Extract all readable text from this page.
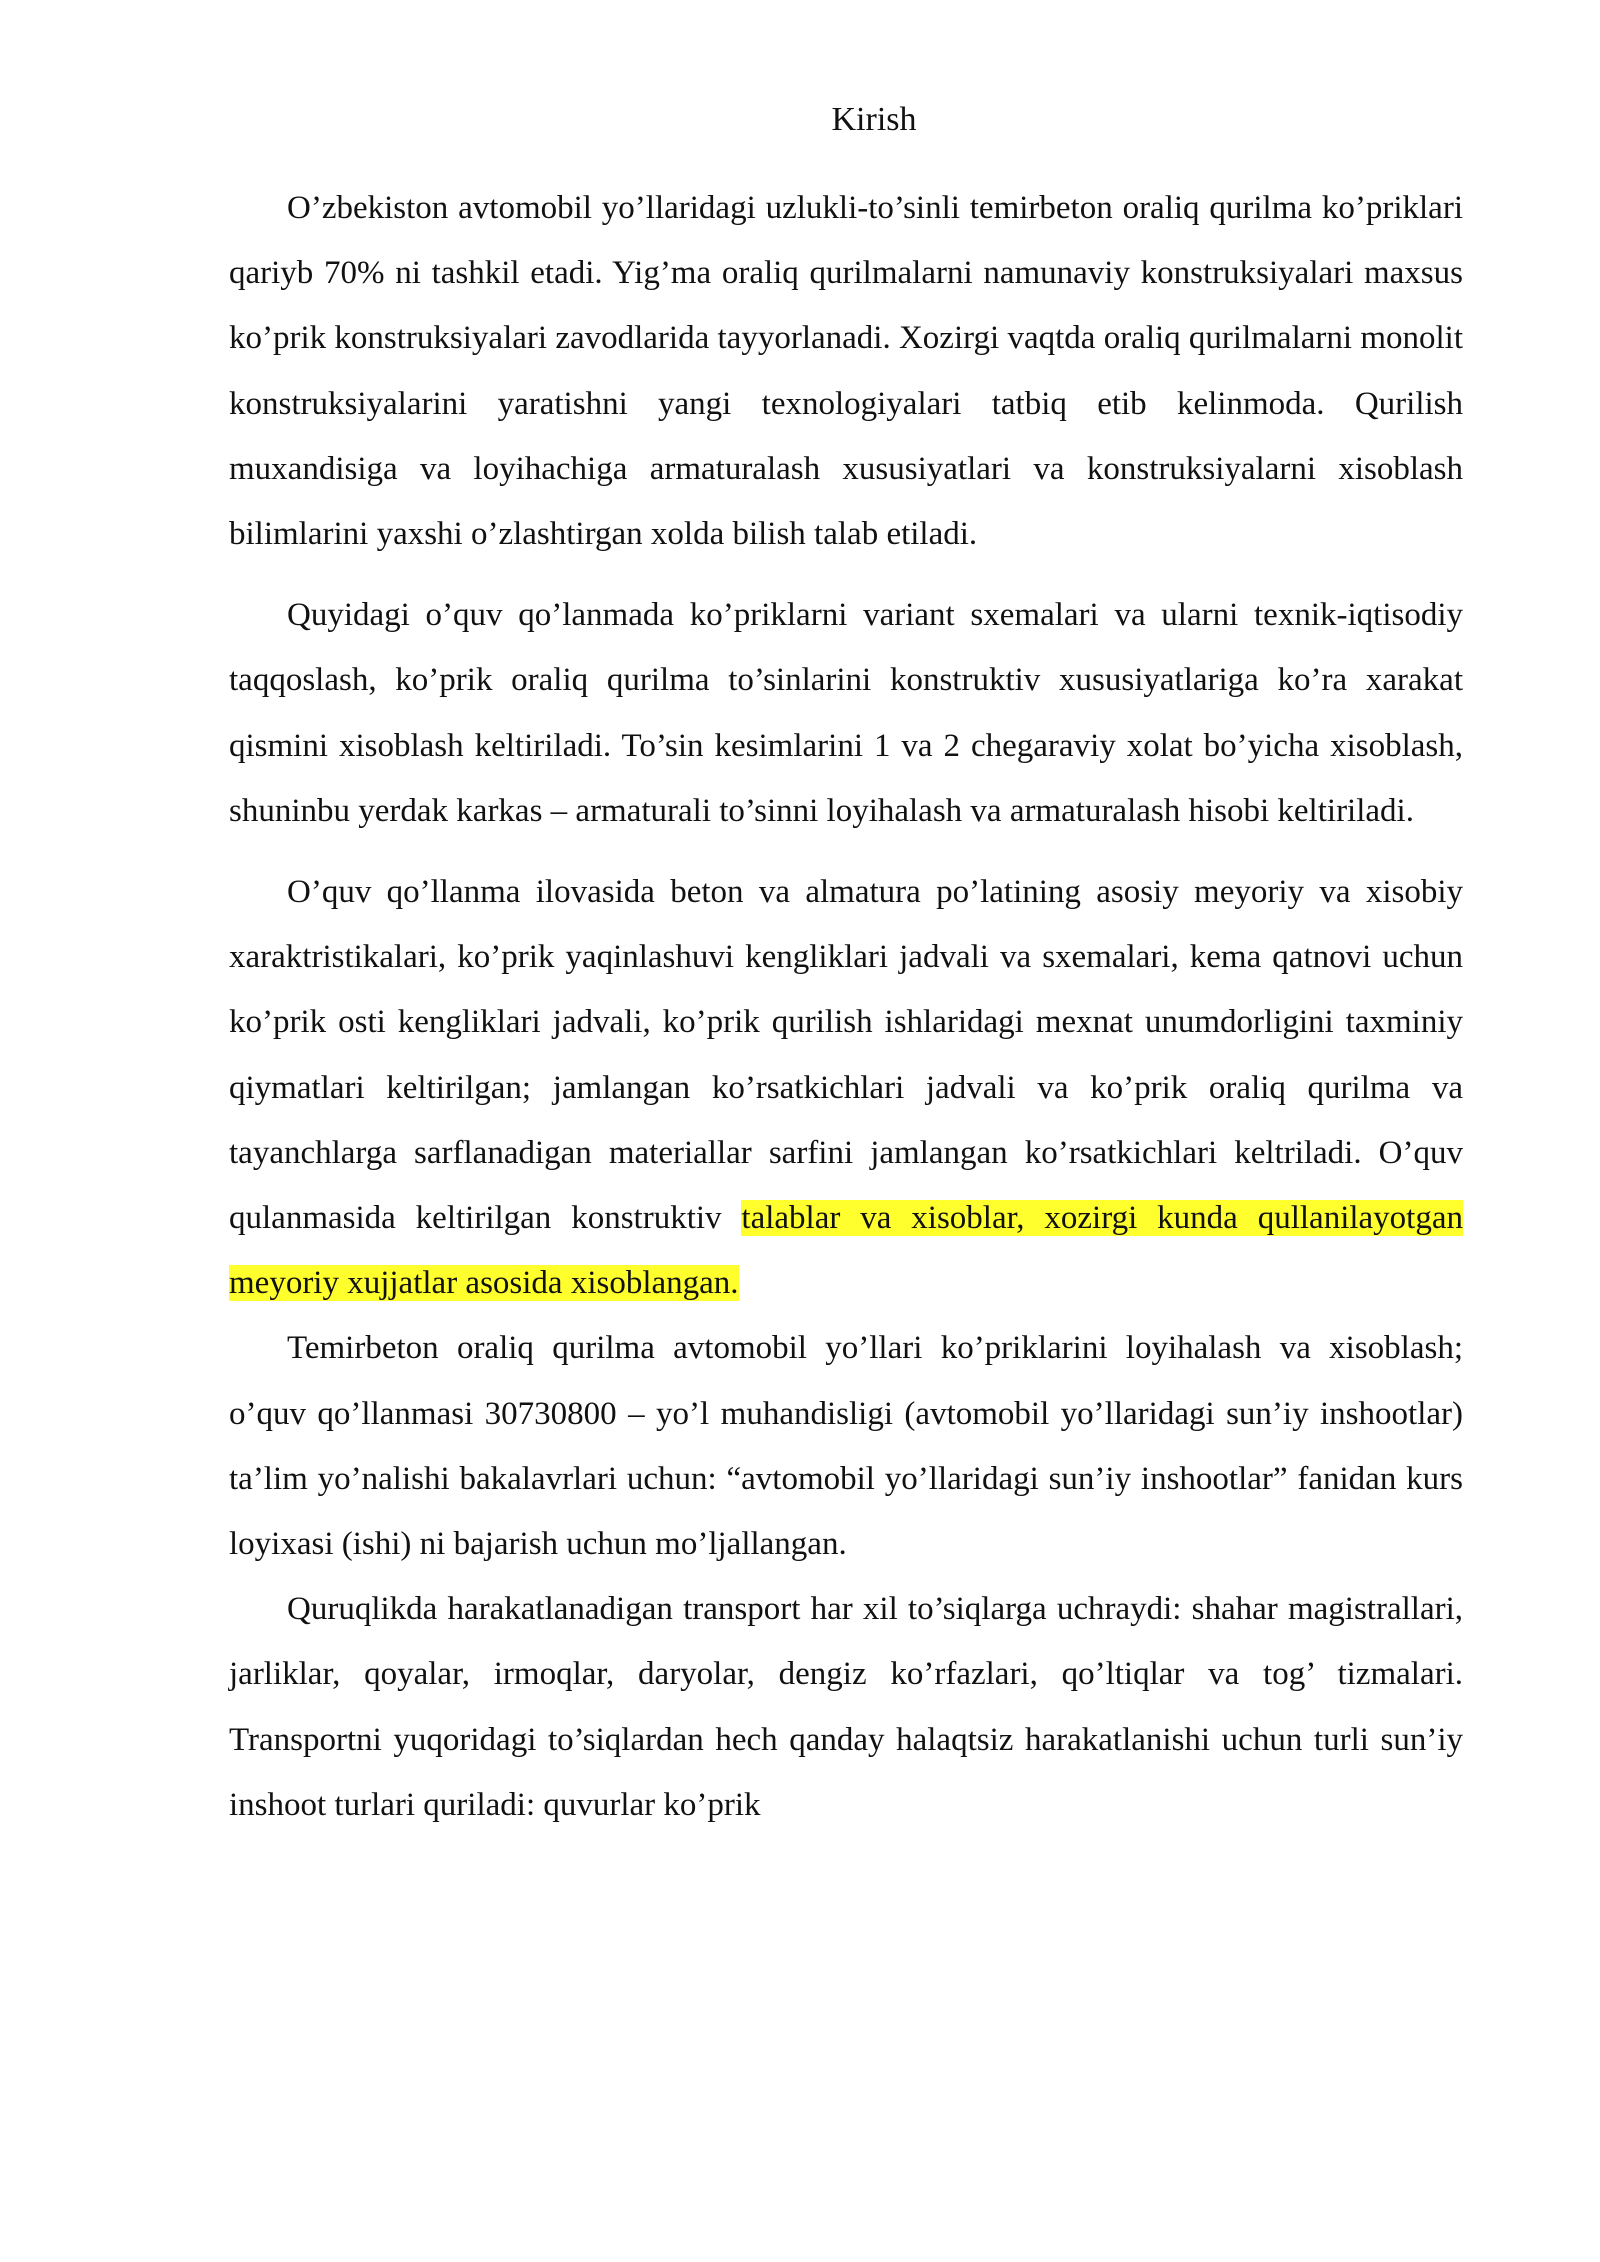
Kirish

O’zbekiston avtomobil yo’llaridagi uzlukli-to’sinli temirbeton oraliq qurilma ko’priklari qariyb 70% ni tashkil etadi. Yig’ma oraliq qurilmalarni namunaviy konstruksiyalari maxsus ko’prik konstruksiyalari zavodlarida tayyorlanadi. Xozirgi vaqtda oraliq qurilmalarni monolit konstruksiyalarini yaratishni yangi texnologiyalari tatbiq etib kelinmoda. Qurilish muxandisiga va loyihachiga armaturalash xususiyatlari va konstruksiyalarni xisoblash bilimlarini yaxshi o’zlashtirgan xolda bilish talab etiladi.

Quyidagi o’quv qo’lanmada ko’priklarni variant sxemalari va ularni texnik-iqtisodiy taqqoslash, ko’prik oraliq qurilma to’sinlarini konstruktiv xususiyatlariga ko’ra xarakat qismini xisoblash keltiriladi. To’sin kesimlarini 1 va 2 chegaraviy xolat bo’yicha xisoblash, shuninbu yerdak karkas – armaturali to’sinni loyihalash va armaturalash hisobi keltiriladi.

O’quv qo’llanma ilovasida beton va almatura po’latining asosiy meyoriy va xisobiy xaraktristikalari, ko’prik yaqinlashuvi kengliklari jadvali va sxemalari, kema qatnovi uchun ko’prik osti kengliklari jadvali, ko’prik qurilish ishlaridagi mexnat unumdorligini taxminiy qiymatlari keltirilgan; jamlangan ko’rsatkichlari jadvali va ko’prik oraliq qurilma va tayanchlarga sarflanadigan materiallar sarfini jamlangan ko’rsatkichlari keltriladi. O’quv qulanmasida keltirilgan konstruktiv talablar va xisoblar, xozirgi kunda qullanilayotgan meyoriy xujjatlar asosida xisoblangan.

Temirbeton oraliq qurilma avtomobil yo’llari ko’priklarini loyihalash va xisoblash; o’quv qo’llanmasi 30730800 – yo’l muhandisligi (avtomobil yo’llaridagi sun’iy inshootlar) ta’lim yo’nalishi bakalavrlari uchun: “avtomobil yo’llaridagi sun’iy inshootlar” fanidan kurs loyixasi (ishi) ni bajarish uchun mo’ljallangan.

Quruqlikda harakatlanadigan transport har xil to’siqlarga uchraydi: shahar magistrallari, jarliklar, qoyalar, irmoqlar, daryolar, dengiz ko’rfazlari, qo’ltiqlar va tog’ tizmalari. Transportni yuqoridagi to’siqlardan hech qanday halaqtsiz harakatlanishi uchun turli sun’iy inshoot turlari quriladi: quvurlar ko’prik
